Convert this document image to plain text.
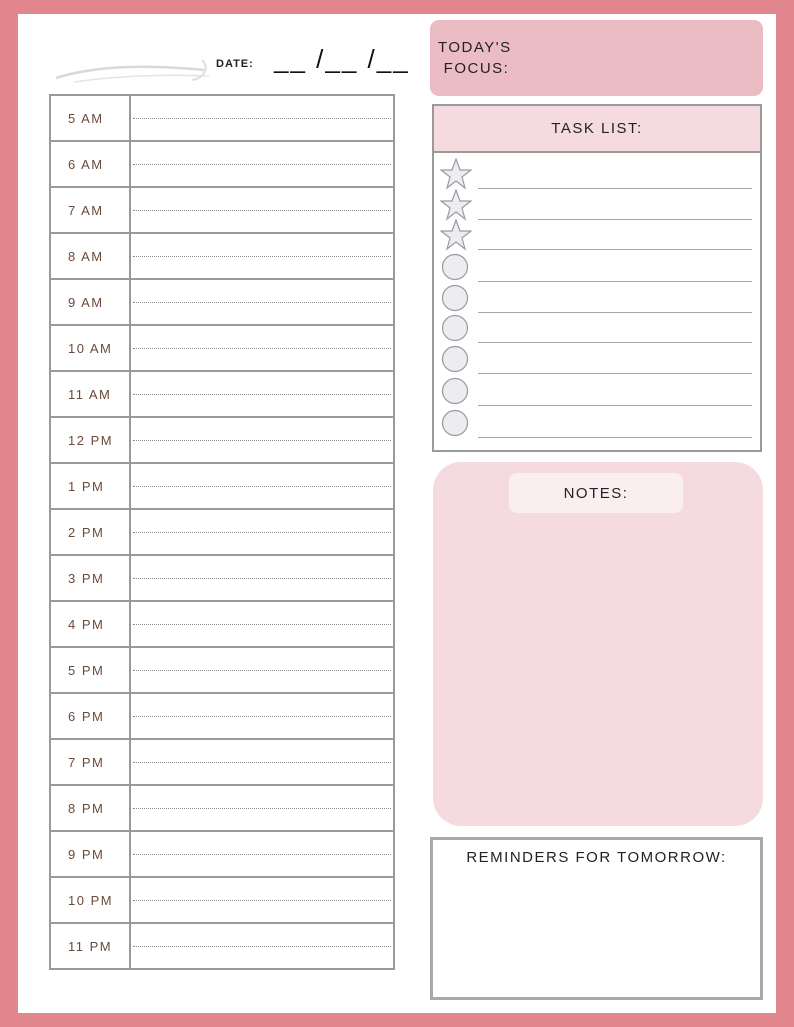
DATE: __ /__ /__
5 AM
6 AM
7 AM
8 AM
9 AM
10 AM
11 AM
12 PM
1 PM
2 PM
3 PM
4 PM
5 PM
6 PM
7 PM
8 PM
9 PM
10 PM
11 PM
TODAY'S
FOCUS:
TASK LIST:
NOTES:
REMINDERS FOR TOMORROW:
